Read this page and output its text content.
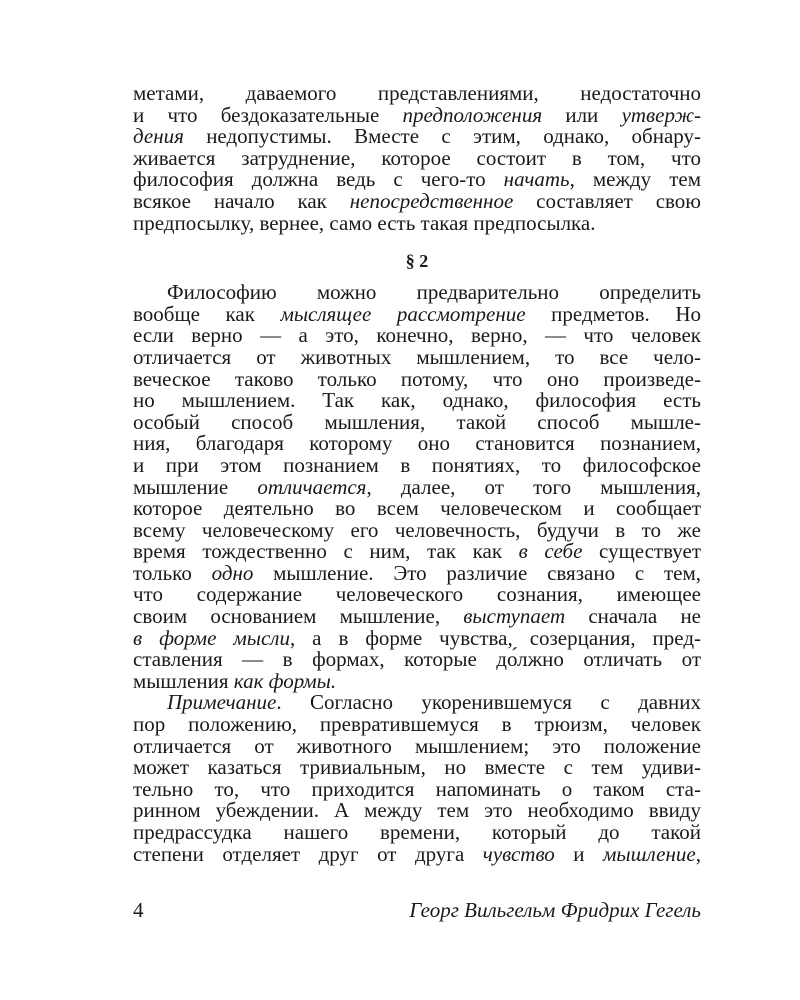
метами, даваемого представлениями, недостаточно
и что бездоказательные предположения или утверж-
дения недопустимы. Вместе с этим, однако, обнару-
живается затруднение, которое состоит в том, что
философия должна ведь с чего-то начать, между тем
всякое начало как непосредственное составляет свою
предпосылку, вернее, само есть такая предпосылка.
§ 2
Философию можно предварительно определить
вообще как мыслящее рассмотрение предметов. Но
если верно — а это, конечно, верно, — что человек
отличается от животных мышлением, то все чело-
веческое таково только потому, что оно произведе-
но мышлением. Так как, однако, философия есть
особый способ мышления, такой способ мышле-
ния, благодаря которому оно становится познанием,
и при этом познанием в понятиях, то философское
мышление отличается, далее, от того мышления,
которое деятельно во всем человеческом и сообщает
всему человеческому его человечность, будучи в то же
время тождественно с ним, так как в себе существует
только одно мышление. Это различие связано с тем,
что содержание человеческого сознания, имеющее
своим основанием мышление, выступает сначала не
в форме мысли, а в форме чувства, созерцания, пред-
ставления — в формах, которые до́лжно отличать от
мышления как формы.
Примечание. Согласно укоренившемуся с давних
пор положению, превратившемуся в трюизм, человек
отличается от животного мышлением; это положение
может казаться тривиальным, но вместе с тем удиви-
тельно то, что приходится напоминать о таком ста-
ринном убеждении. А между тем это необходимо ввиду
предрассудка нашего времени, который до такой
степени отделяет друг от друга чувство и мышление,
4	Георг Вильгельм Фридрих Гегель
